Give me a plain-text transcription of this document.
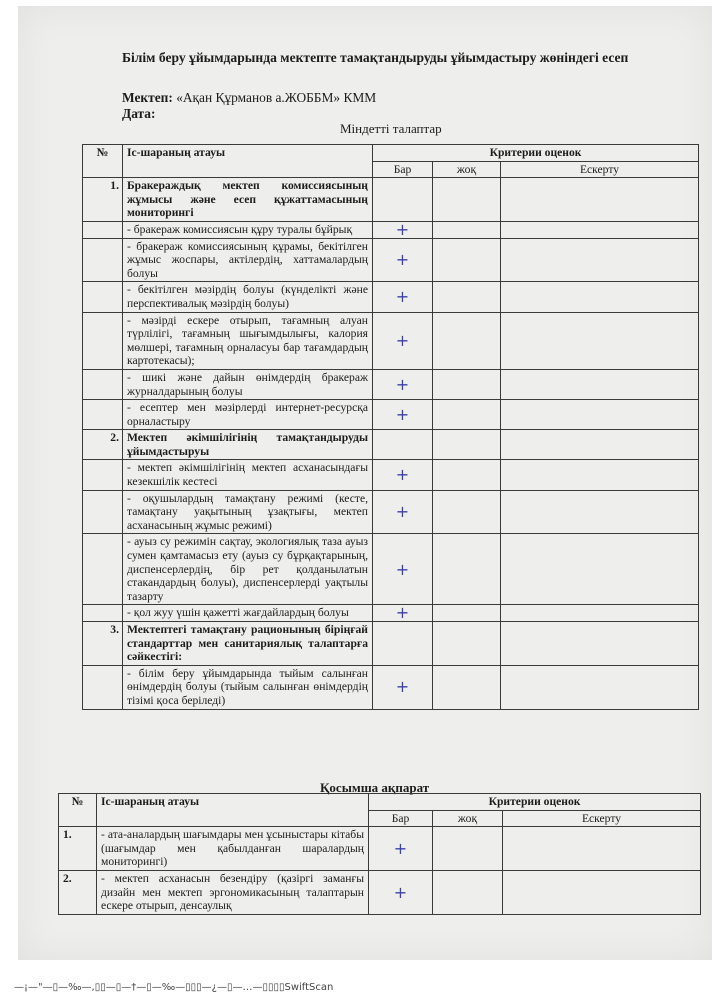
Білім беру ұйымдарында мектепте тамақтандыруды ұйымдастыру жөніндегі есеп

Мектеп: «Ақан Құрманов а.ЖОББМ» КММ
Дата:
Міндетті талаптар
№	Іс-шараның атауы	Критерии оценок		
		Бар	жоқ	Ескерту
1.	Бракераждық мектеп комиссиясының жұмысы және есеп құжаттамасының мониторингі			
	- бракераж комиссиясын құру туралы бұйрық	+		
	- бракераж комиссиясының құрамы, бекітілген жұмыс жоспары, актілердің, хаттамалардың болуы	+		
	- бекітілген мәзірдің болуы (күнделікті және перспективалық мәзірдің болуы)	+		
	- мәзірді ескере отырып, тағамның алуан түрлілігі, тағамның шығымдылығы, калория мөлшері, тағамның орналасуы бар тағамдардың картотекасы);	+		
	- шикі және дайын өнімдердің бракераж журналдарының болуы	+		
	- есептер мен мәзірлерді интернет-ресурсқа орналастыру	+		
2.	Мектеп әкімшілігінің тамақтандыруды ұйымдастыруы			
	- мектеп әкімшілігінің мектеп асханасындағы кезекшілік кестесі	+		
	- оқушылардың тамақтану режимі (кесте, тамақтану уақытының ұзақтығы, мектеп асханасының жұмыс режимі)	+		
	- ауыз су режимін сақтау, экологиялық таза ауыз сумен қамтамасыз ету (ауыз су бұрқақтарының, диспенсерлердің, бір рет қолданылатын стакандардың болуы), диспенсерлерді уақтылы тазарту	+		
	- қол жуу үшін қажетті жағдайлардың болуы	+		
3.	Мектептегі тамақтану рационының біріңғай стандарттар мен санитариялық талаптарға сәйкестігі:			
	- білім беру ұйымдарында тыйым салынған өнімдердің болуы (тыйым салынған өнімдердің тізімі қоса беріледі)	+		
Қосымша ақпарат
№	Іс-шараның атауы	Критерии оценок		
		Бар	жоқ	Ескерту
1.	- ата-аналардың шағымдары мен ұсыныстары кітабы (шағымдар мен қабылданған шаралардың мониторингі)	+		
2.	- мектеп асханасын безендіру (қазіргі заманғы дизайн мен мектеп эргономикасының талаптарын ескере отырып, денсаулық	+		
—¡—"—▯—‰—,▯▯—▯—†—▯—‰—▯▯▯—¿—▯—…—▯▯▯▯SwiftScan
